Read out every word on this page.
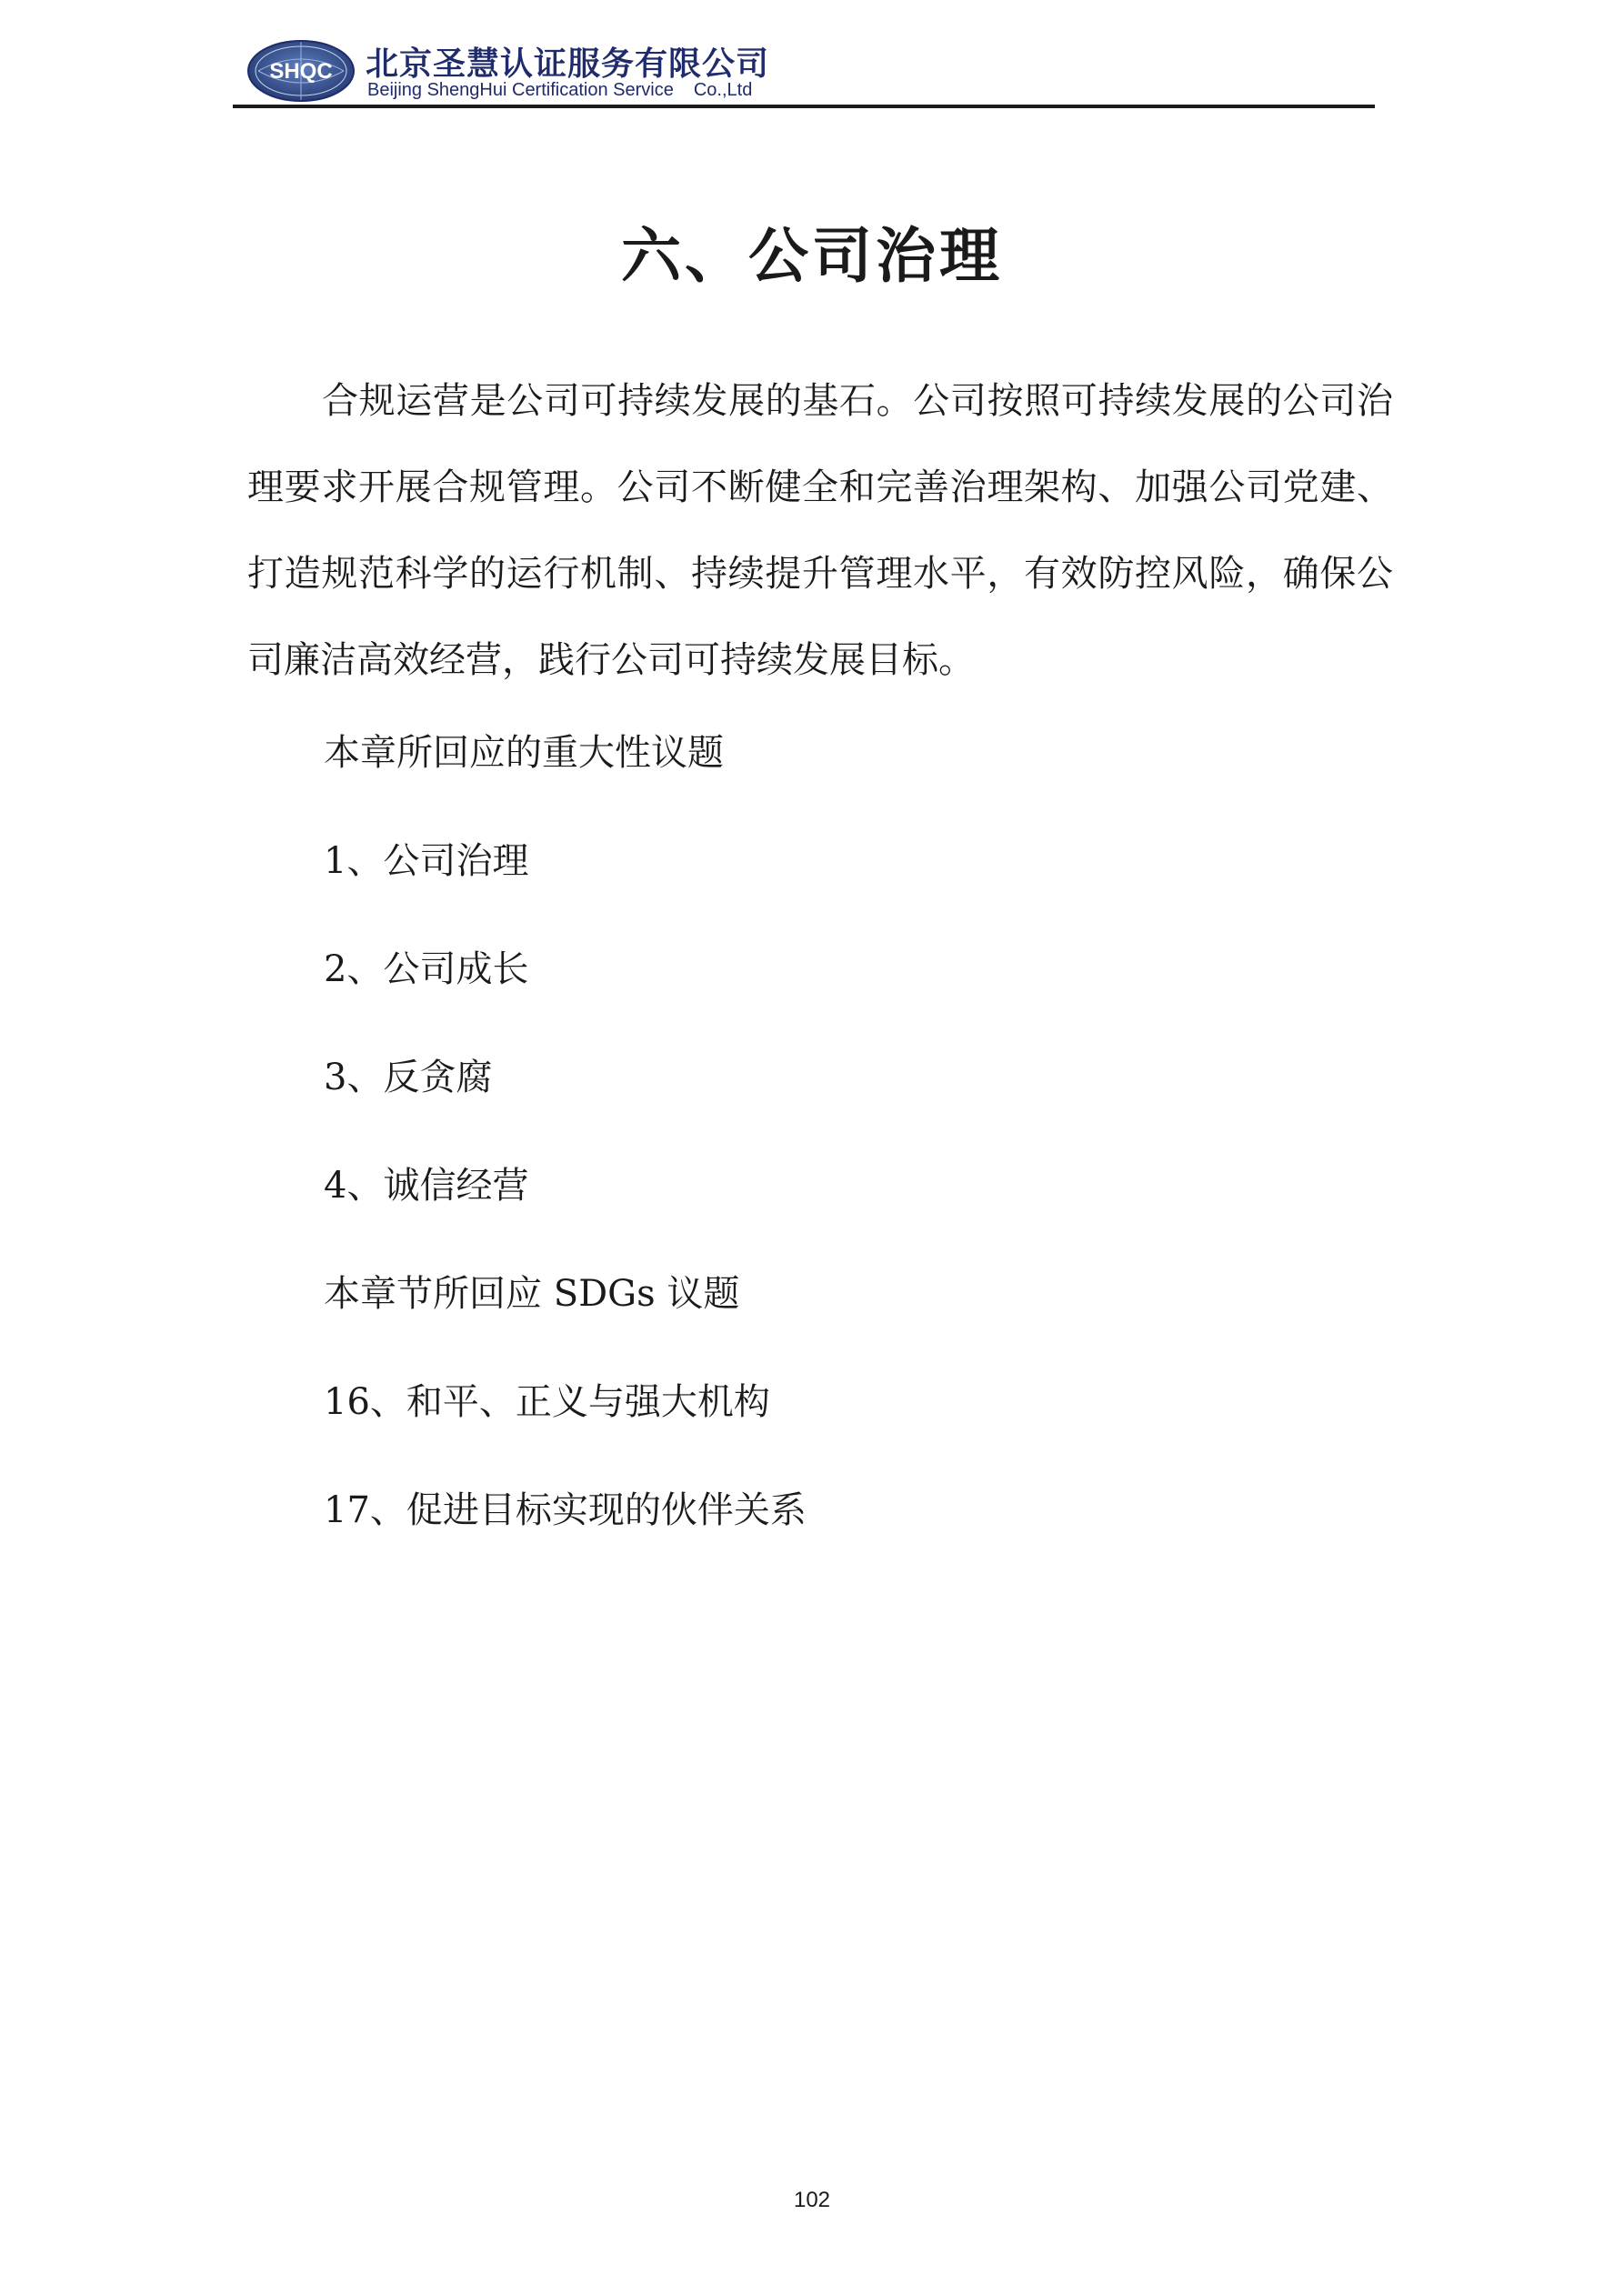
SHQC 北京圣慧认证服务有限公司
Beijing ShengHui Certification Service Co.,Ltd
六、公司治理

合规运营是公司可持续发展的基石。公司按照可持续发展的公司治理要求开展合规管理。公司不断健全和完善治理架构、加强公司党建、打造规范科学的运行机制、持续提升管理水平，有效防控风险，确保公司廉洁高效经营，践行公司可持续发展目标。

本章所回应的重大性议题
1、公司治理
2、公司成长
3、反贪腐
4、诚信经营
本章节所回应 SDGs 议题
16、和平、正义与强大机构
17、促进目标实现的伙伴关系
102
